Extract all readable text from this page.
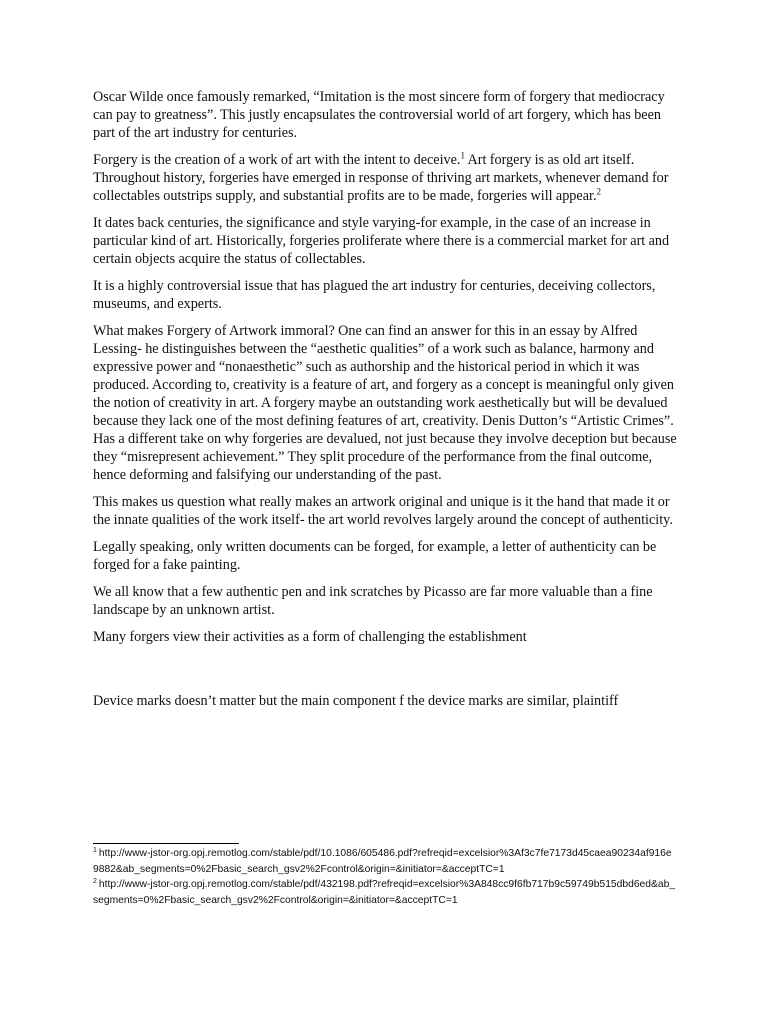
Oscar Wilde once famously remarked, “Imitation is the most sincere form of forgery that mediocracy can pay to greatness”. This justly encapsulates the controversial world of art forgery, which has been part of the art industry for centuries.

Forgery is the creation of a work of art with the intent to deceive.$^1$ Art forgery is as old art itself. Throughout history, forgeries have emerged in response of thriving art markets, whenever demand for collectables outstrips supply, and substantial profits are to be made, forgeries will appear.$^2$

It dates back centuries, the significance and style varying-for example, in the case of an increase in particular kind of art. Historically, forgeries proliferate where there is a commercial market for art and certain objects acquire the status of collectables.

It is a highly controversial issue that has plagued the art industry for centuries, deceiving collectors, museums, and experts.

What makes Forgery of Artwork immoral? One can find an answer for this in an essay by Alfred Lessing- he distinguishes between the “aesthetic qualities” of a work such as balance, harmony and expressive power and “nonaesthetic” such as authorship and the historical period in which it was produced. According to, creativity is a feature of art, and forgery as a concept is meaningful only given the notion of creativity in art. A forgery maybe an outstanding work aesthetically but will be devalued because they lack one of the most defining features of art, creativity. Denis Dutton’s “Artistic Crimes”. Has a different take on why forgeries are devalued, not just because they involve deception but because they “misrepresent achievement.” They split procedure of the performance from the final outcome, hence deforming and falsifying our understanding of the past.

This makes us question what really makes an artwork original and unique is it the hand that made it or the innate qualities of the work itself- the art world revolves largely around the concept of authenticity.

Legally speaking, only written documents can be forged, for example, a letter of authenticity can be forged for a fake painting.

We all know that a few authentic pen and ink scratches by Picasso are far more valuable than a fine landscape by an unknown artist.

Many forgers view their activities as a form of challenging the establishment

Device marks doesn’t matter but the main component f the device marks are similar, plaintiff

$^1$ http://www-jstor-org.opj.remotlog.com/stable/pdf/10.1086/605486.pdf?refreqid=excelsior%3Af3c7fe7173d45caea90234af916e9882&ab_segments=0%2Fbasic_search_gsv2%2Fcontrol&origin=&initiator=&acceptTC=1

$^2$ http://www-jstor-org.opj.remotlog.com/stable/pdf/432198.pdf?refreqid=excelsior%3A848cc9f6fb717b9c59749b515dbd6ed&ab_segments=0%2Fbasic_search_gsv2%2Fcontrol&origin=&initiator=&acceptTC=1
